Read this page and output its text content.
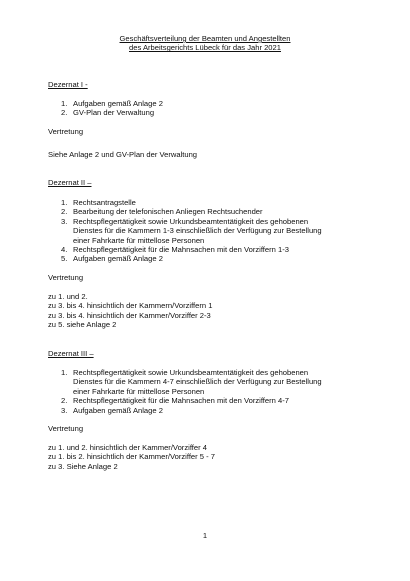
Geschäftsverteilung der Beamten und Angestellten
des Arbeitsgerichts Lübeck für das Jahr 2021
Dezernat I -
1. Aufgaben gemäß Anlage 2
2. GV-Plan der Verwaltung
Vertretung
Siehe Anlage 2 und GV-Plan der Verwaltung
Dezernat II –
1. Rechtsantragstelle
2. Bearbeitung der telefonischen Anliegen Rechtsuchender
3. Rechtspflegertätigkeit sowie Urkundsbeamtentätigkeit des gehobenen
Dienstes für die Kammern 1-3 einschließlich der Verfügung zur Bestellung
einer Fahrkarte für mittellose Personen
4. Rechtspflegertätigkeit für die Mahnsachen mit den Vorziffern 1-3
5. Aufgaben gemäß Anlage 2
Vertretung
zu 1. und 2.
zu 3. bis 4. hinsichtlich der Kammern/Vorziffern 1
zu 3. bis 4. hinsichtlich der Kammer/Vorziffer 2-3
zu 5. siehe Anlage 2
Dezernat III –
1. Rechtspflegertätigkeit sowie Urkundsbeamtentätigkeit des gehobenen
Dienstes für die Kammern 4-7 einschließlich der Verfügung zur Bestellung
einer Fahrkarte für mittellose Personen
2. Rechtspflegertätigkeit für die Mahnsachen mit den Vorziffern 4-7
3. Aufgaben gemäß Anlage 2
Vertretung
zu 1. und 2. hinsichtlich der Kammer/Vorziffer 4
zu 1. bis 2. hinsichtlich der Kammer/Vorziffer 5 - 7
zu 3. Siehe Anlage 2
1
